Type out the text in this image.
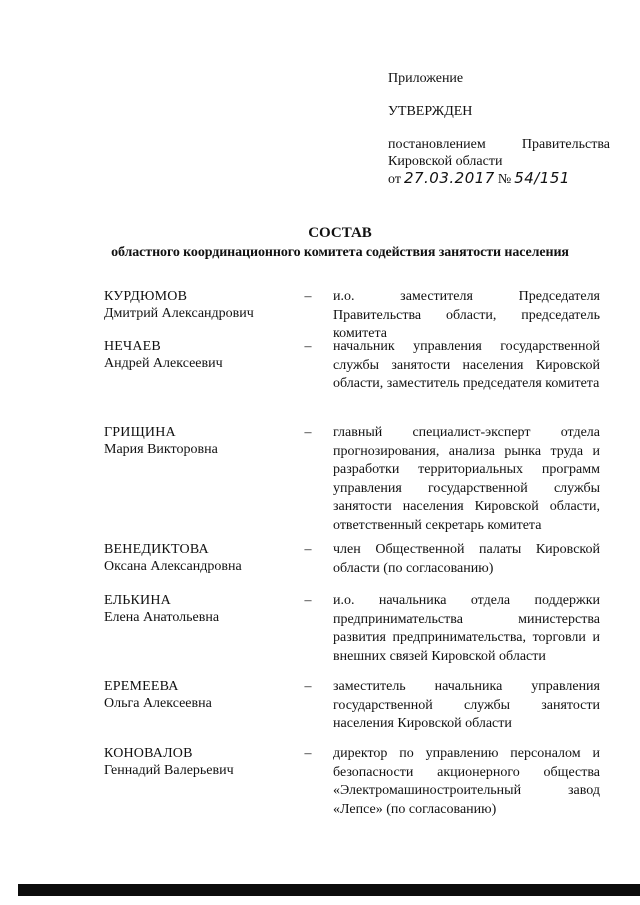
Приложение
УТВЕРЖДЕН
постановлением Правительства
Кировской области
от 27.03.2017 № 54/151
СОСТАВ
областного координационного комитета содействия занятости населения
КУРДЮМОВ
Дмитрий Александрович
– и.о. заместителя Председателя Правительства области, председатель комитета
НЕЧАЕВ
Андрей Алексеевич
– начальник управления государственной службы занятости населения Кировской области, заместитель председателя комитета
ГРИЩИНА
Мария Викторовна
– главный специалист-эксперт отдела прогнозирования, анализа рынка труда и разработки территориальных программ управления государственной службы занятости населения Кировской области, ответственный секретарь комитета
ВЕНЕДИКТОВА
Оксана Александровна
– член Общественной палаты Кировской области (по согласованию)
ЕЛЬКИНА
Елена Анатольевна
– и.о. начальника отдела поддержки предпринимательства министерства развития предпринимательства, торговли и внешних связей Кировской области
ЕРЕМЕЕВА
Ольга Алексеевна
– заместитель начальника управления государственной службы занятости населения Кировской области
КОНОВАЛОВ
Геннадий Валерьевич
– директор по управлению персоналом и безопасности акционерного общества «Электромашиностроительный завод «Лепсе» (по согласованию)
